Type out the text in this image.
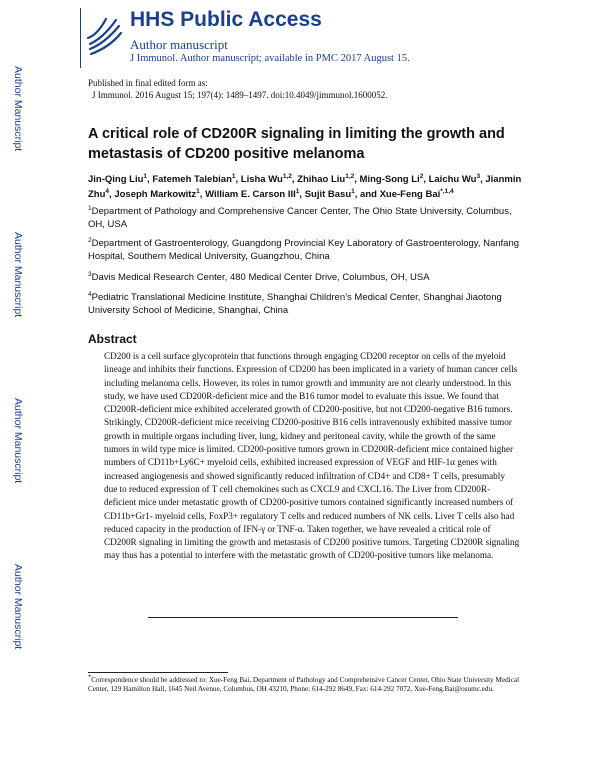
Author Manuscript
Author Manuscript
Author Manuscript
Author Manuscript
HHS Public Access
Author manuscript
J Immunol. Author manuscript; available in PMC 2017 August 15.
Published in final edited form as:
J Immunol. 2016 August 15; 197(4): 1489–1497. doi:10.4049/jimmunol.1600052.
A critical role of CD200R signaling in limiting the growth and metastasis of CD200 positive melanoma
Jin-Qing Liu$^1$, Fatemeh Talebian$^1$, Lisha Wu$^{1,2}$, Zhihao Liu$^{1,2}$, Ming-Song Li$^2$, Laichu Wu$^3$, Jianmin Zhu$^4$, Joseph Markowitz$^1$, William E. Carson III$^1$, Sujit Basu$^1$, and Xue-Feng Bai$^{*,1,4}$
$^1$Department of Pathology and Comprehensive Cancer Center, The Ohio State University, Columbus, OH, USA
$^2$Department of Gastroenterology, Guangdong Provincial Key Laboratory of Gastroenterology, Nanfang Hospital, Southern Medical University, Guangzhou, China
$^3$Davis Medical Research Center, 480 Medical Center Drive, Columbus, OH, USA
$^4$Pediatric Translational Medicine Institute, Shanghai Children’s Medical Center, Shanghai Jiaotong University School of Medicine, Shanghai, China
Abstract
CD200 is a cell surface glycoprotein that functions through engaging CD200 receptor on cells of the myeloid lineage and inhibits their functions. Expression of CD200 has been implicated in a variety of human cancer cells including melanoma cells. However, its roles in tumor growth and immunity are not clearly understood. In this study, we have used CD200R-deficient mice and the B16 tumor model to evaluate this issue. We found that CD200R-deficient mice exhibited accelerated growth of CD200-positive, but not CD200-negative B16 tumors. Strikingly, CD200R-deficient mice receiving CD200-positive B16 cells intravenously exhibited massive tumor growth in multiple organs including liver, lung, kidney and peritoneal cavity, while the growth of the same tumors in wild type mice is limited. CD200-positive tumors grown in CD200R-deficient mice contained higher numbers of CD11b+Ly6C+ myeloid cells, exhibited increased expression of VEGF and HIF-1α genes with increased angiogenesis and showed significantly reduced infiltration of CD4+ and CD8+ T cells, presumably due to reduced expression of T cell chemokines such as CXCL9 and CXCL16. The Liver from CD200R-deficient mice under metastatic growth of CD200-positive tumors contained significantly increased numbers of CD11b+Gr1- myeloid cells, FoxP3+ regulatory T cells and reduced numbers of NK cells. Liver T cells also had reduced capacity in the production of IFN-γ or TNF-α. Taken together, we have revealed a critical role of CD200R signaling in limiting the growth and metastasis of CD200 positive tumors. Targeting CD200R signaling may thus has a potential to interfere with the metastatic growth of CD200-positive tumors like melanoma.
*Correspondence should be addressed to: Xue-Feng Bai, Department of Pathology and Comprehensive Cancer Center, Ohio State University Medical Center, 129 Hamilton Hall, 1645 Neil Avenue, Columbus, OH 43210, Phone: 614-292 8649, Fax: 614-292 7072, Xue-Feng.Bai@osumc.edu.
